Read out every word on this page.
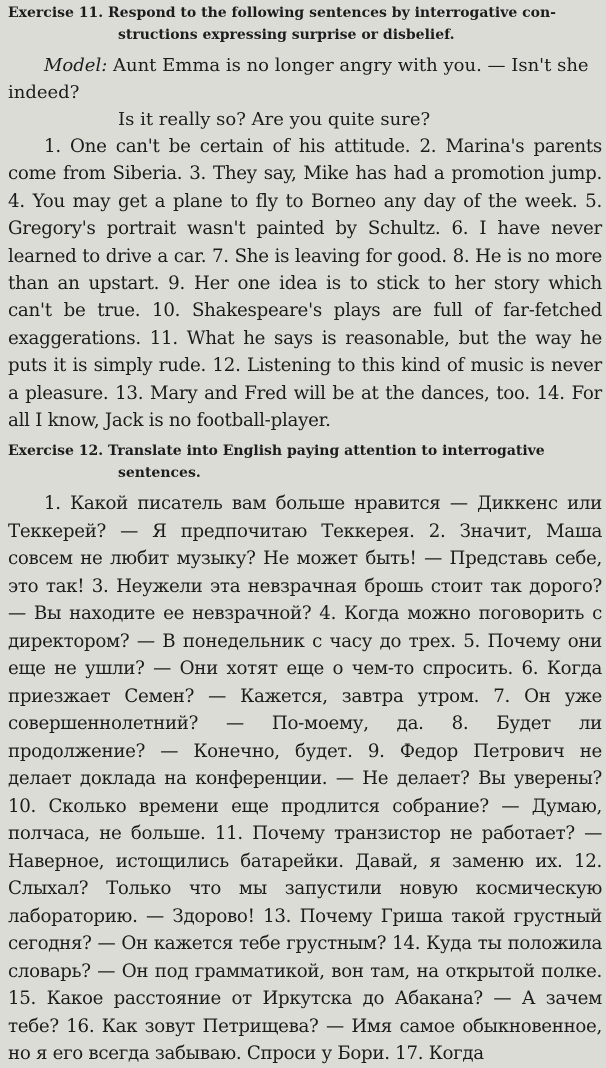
Exercise 11. Respond to the following sentences by interrogative con-
structions expressing surprise or disbelief.
Model: Aunt Emma is no longer angry with you. — Isn't she indeed?
Is it really so? Are you quite sure?

1. One can't be certain of his attitude. 2. Marina's parents come from Siberia. 3. They say, Mike has had a promotion jump. 4. You may get a plane to fly to Borneo any day of the week. 5. Gregory's portrait wasn't painted by Schultz. 6. I have never learned to drive a car. 7. She is leaving for good. 8. He is no more than an upstart. 9. Her one idea is to stick to her story which can't be true. 10. Shakespeare's plays are full of far-fetched exaggerations. 11. What he says is reasonable, but the way he puts it is simply rude. 12. Listening to this kind of music is never a pleasure. 13. Mary and Fred will be at the dances, too. 14. For all I know, Jack is no football-player.

Exercise 12. Translate into English paying attention to interrogative
sentences.

1. Какой писатель вам больше нравится — Диккенс или Теккерей? — Я предпочитаю Теккерея. 2. Значит, Маша совсем не любит музыку? Не может быть! — Представь себе, это так! 3. Неужели эта невзрачная брошь стоит так дорого? — Вы находите ее невзрачной? 4. Когда можно поговорить с директором? — В понедельник с часу до трех. 5. Почему они еще не ушли? — Они хотят еще о чем-то спросить. 6. Когда приезжает Семен? — Кажется, завтра утром. 7. Он уже совершеннолетний? — По-моему, да. 8. Будет ли продолжение? — Конечно, будет. 9. Федор Петрович не делает доклада на конференции. — Не делает? Вы уверены? 10. Сколько времени еще продлится собрание? — Думаю, полчаса, не больше. 11. Почему транзистор не работает? — Наверное, истощились батарейки. Давай, я заменю их. 12. Слыхал? Только что мы запустили новую космическую лабораторию. — Здорово! 13. Почему Гриша такой грустный сегодня? — Он кажется тебе грустным? 14. Куда ты положила словарь? — Он под грамматикой, вон там, на открытой полке. 15. Какое расстояние от Иркутска до Абакана? — А зачем тебе? 16. Как зовут Петрищева? — Имя самое обыкновенное, но я его всегда забываю. Спроси у Бори. 17. Когда
